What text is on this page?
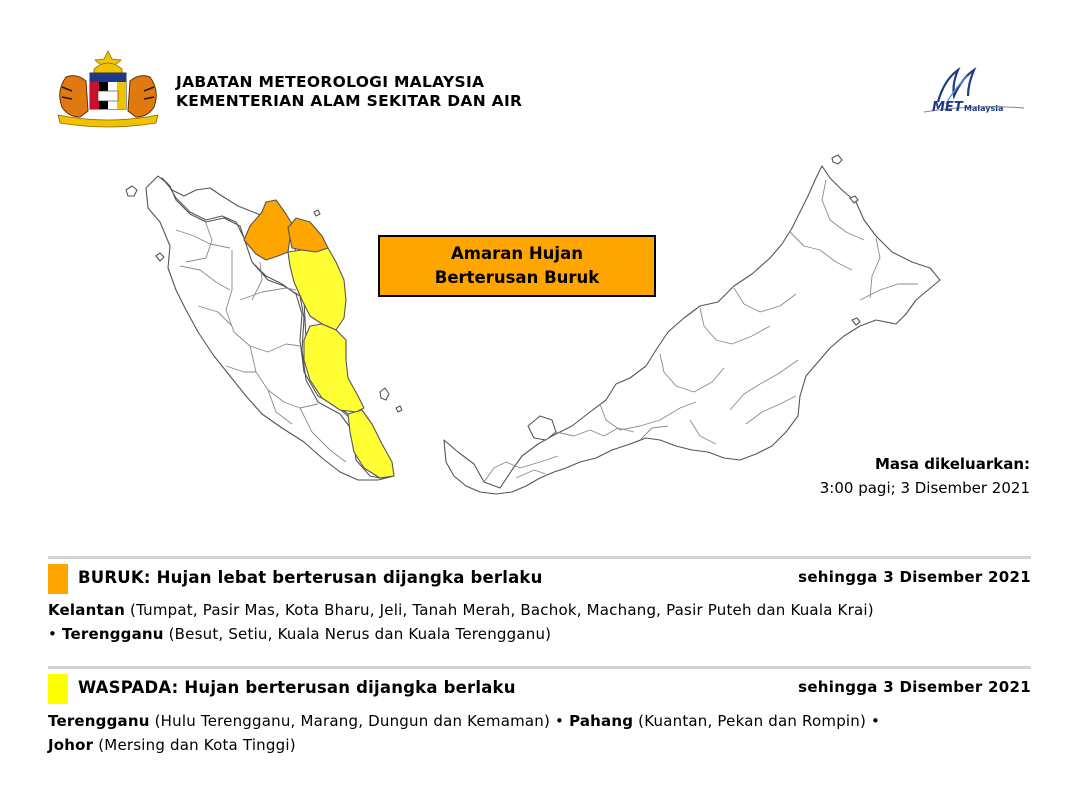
JABATAN METEOROLOGI MALAYSIA
KEMENTERIAN ALAM SEKITAR DAN AIR	MET Malaysia
Amaran Hujan
Berterusan Buruk
Masa dikeluarkan:
3:00 pagi; 3 Disember 2021
BURUK: Hujan lebat berterusan dijangka berlaku	sehingga 3 Disember 2021
Kelantan (Tumpat, Pasir Mas, Kota Bharu, Jeli, Tanah Merah, Bachok, Machang, Pasir Puteh dan Kuala Krai)
• Terengganu (Besut, Setiu, Kuala Nerus dan Kuala Terengganu)
WASPADA: Hujan berterusan dijangka berlaku	sehingga 3 Disember 2021
Terengganu (Hulu Terengganu, Marang, Dungun dan Kemaman) • Pahang (Kuantan, Pekan dan Rompin) •
Johor (Mersing dan Kota Tinggi)
